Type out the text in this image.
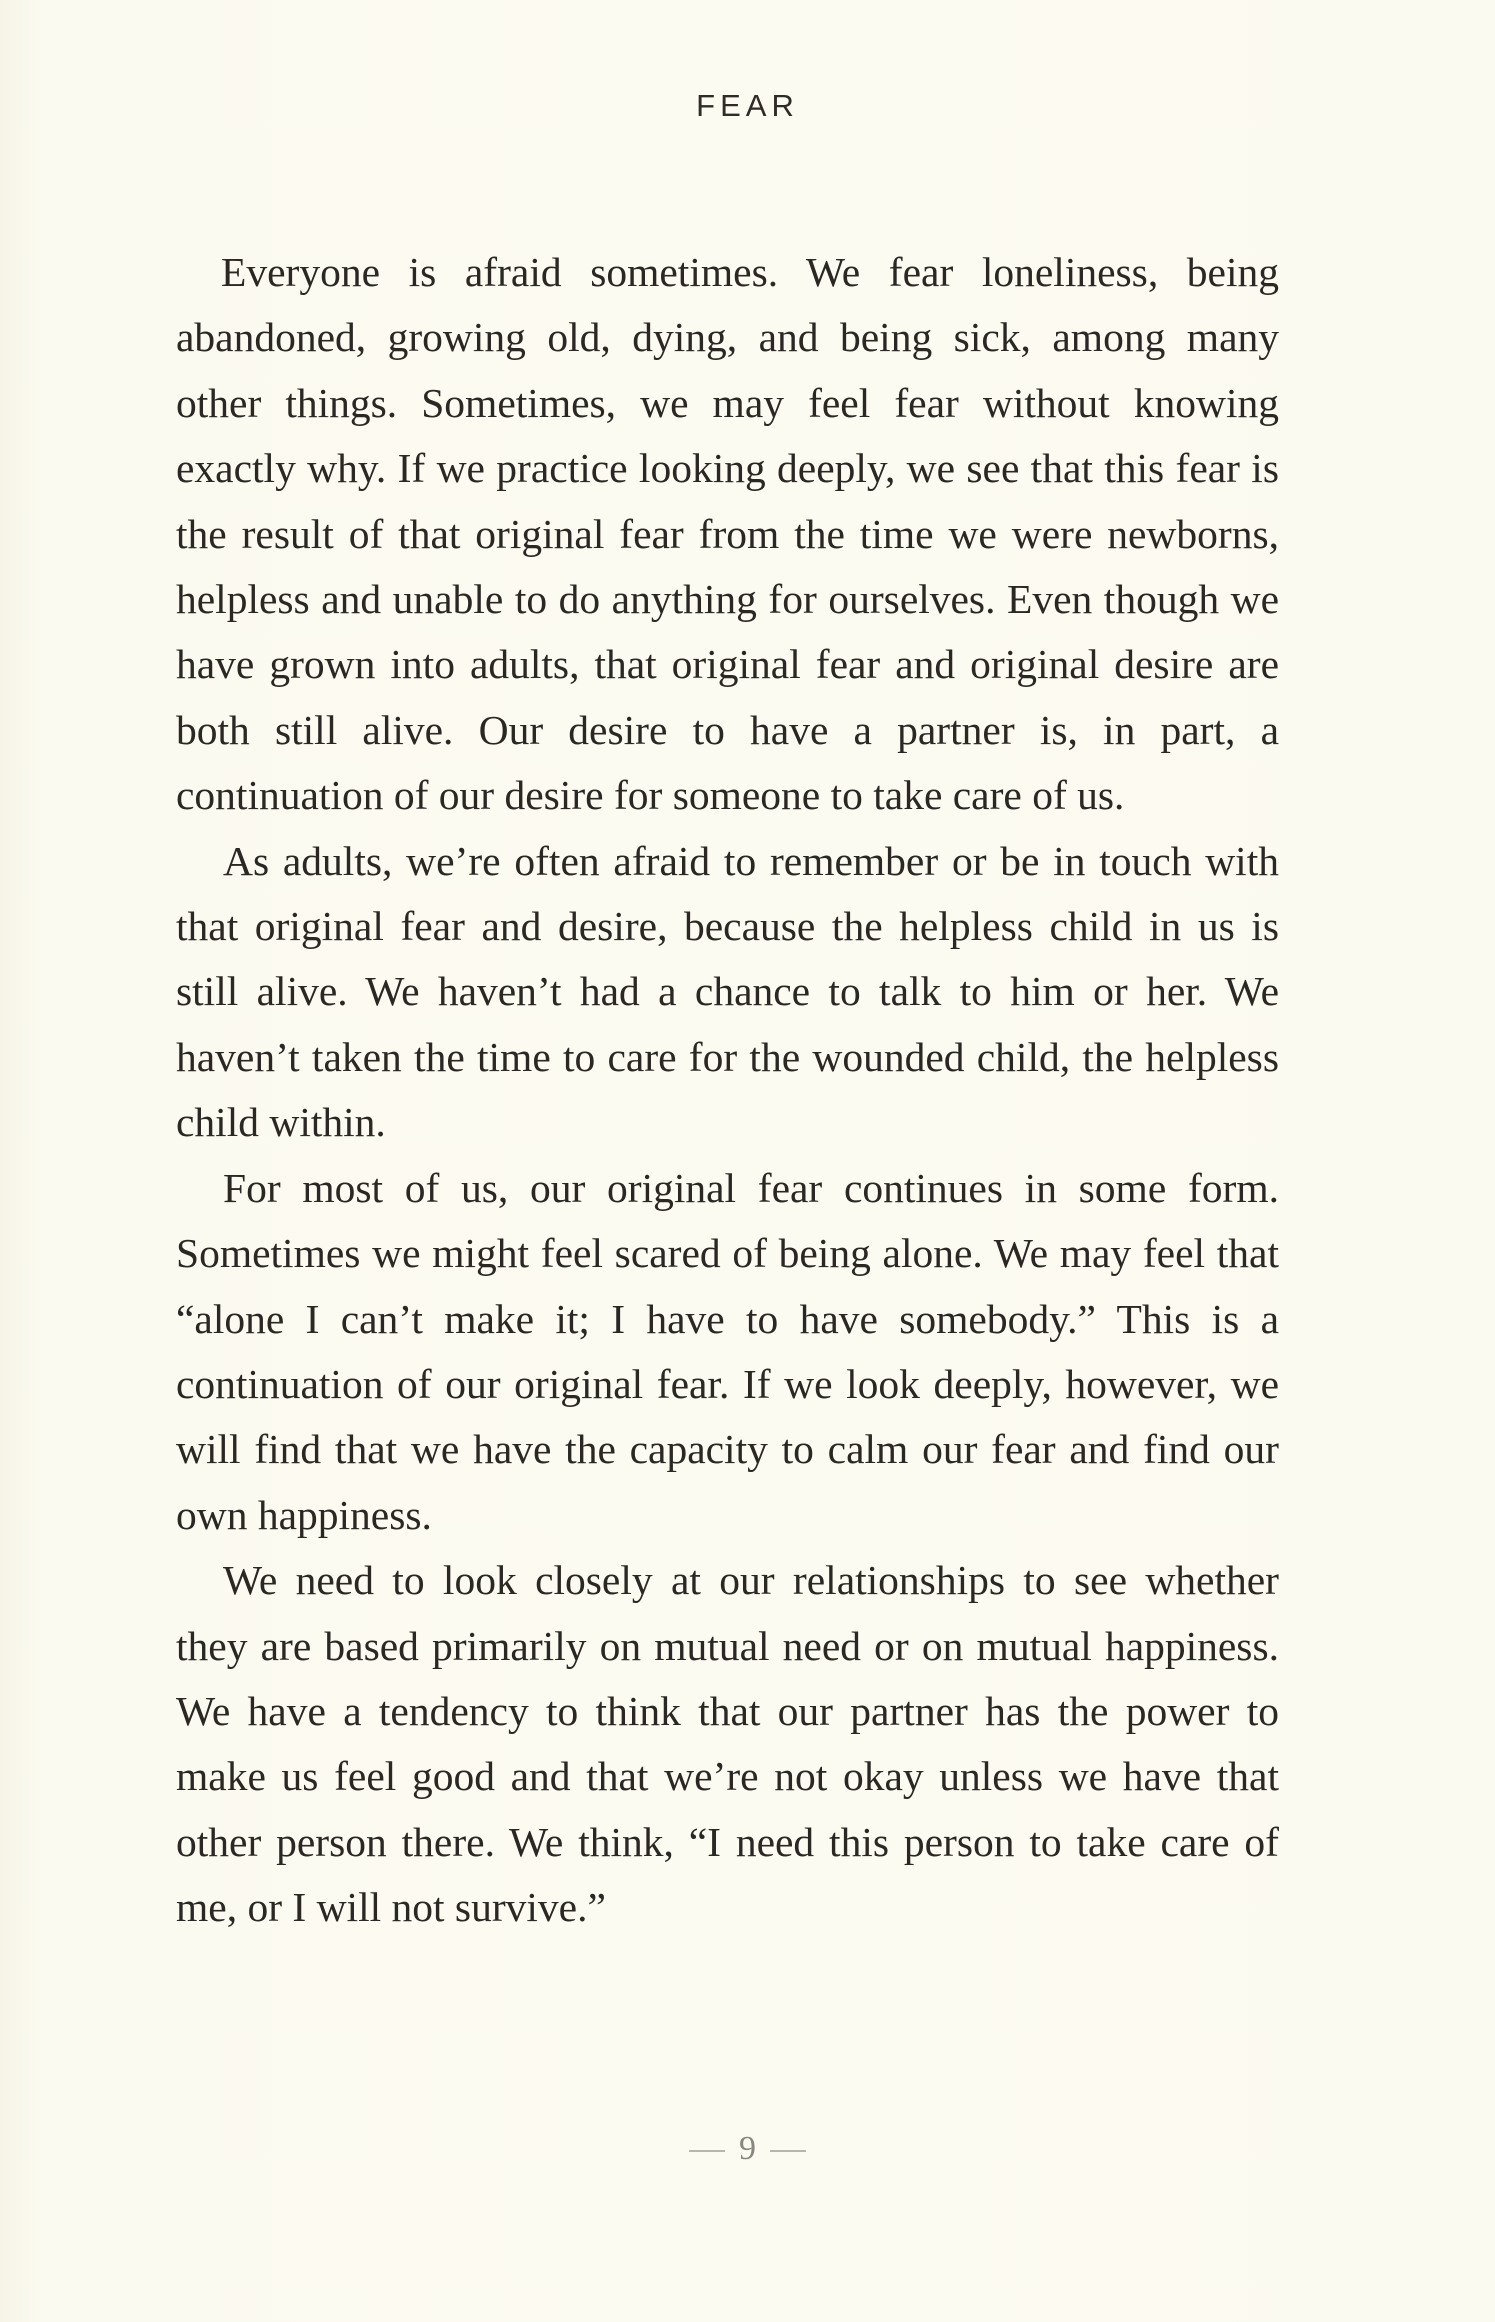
FEAR

Everyone is afraid sometimes. We fear loneliness, being abandoned, growing old, dying, and being sick, among many other things. Sometimes, we may feel fear without knowing exactly why. If we practice looking deeply, we see that this fear is the result of that original fear from the time we were newborns, helpless and unable to do anything for ourselves. Even though we have grown into adults, that original fear and original desire are both still alive. Our desire to have a partner is, in part, a continuation of our desire for someone to take care of us.

As adults, we’re often afraid to remember or be in touch with that original fear and desire, because the helpless child in us is still alive. We haven’t had a chance to talk to him or her. We haven’t taken the time to care for the wounded child, the helpless child within.

For most of us, our original fear continues in some form. Sometimes we might feel scared of being alone. We may feel that “alone I can’t make it; I have to have somebody.” This is a continuation of our original fear. If we look deeply, however, we will find that we have the capacity to calm our fear and find our own happiness.

We need to look closely at our relationships to see whether they are based primarily on mutual need or on mutual happiness. We have a tendency to think that our partner has the power to make us feel good and that we’re not okay unless we have that other person there. We think, “I need this person to take care of me, or I will not survive.”

9
